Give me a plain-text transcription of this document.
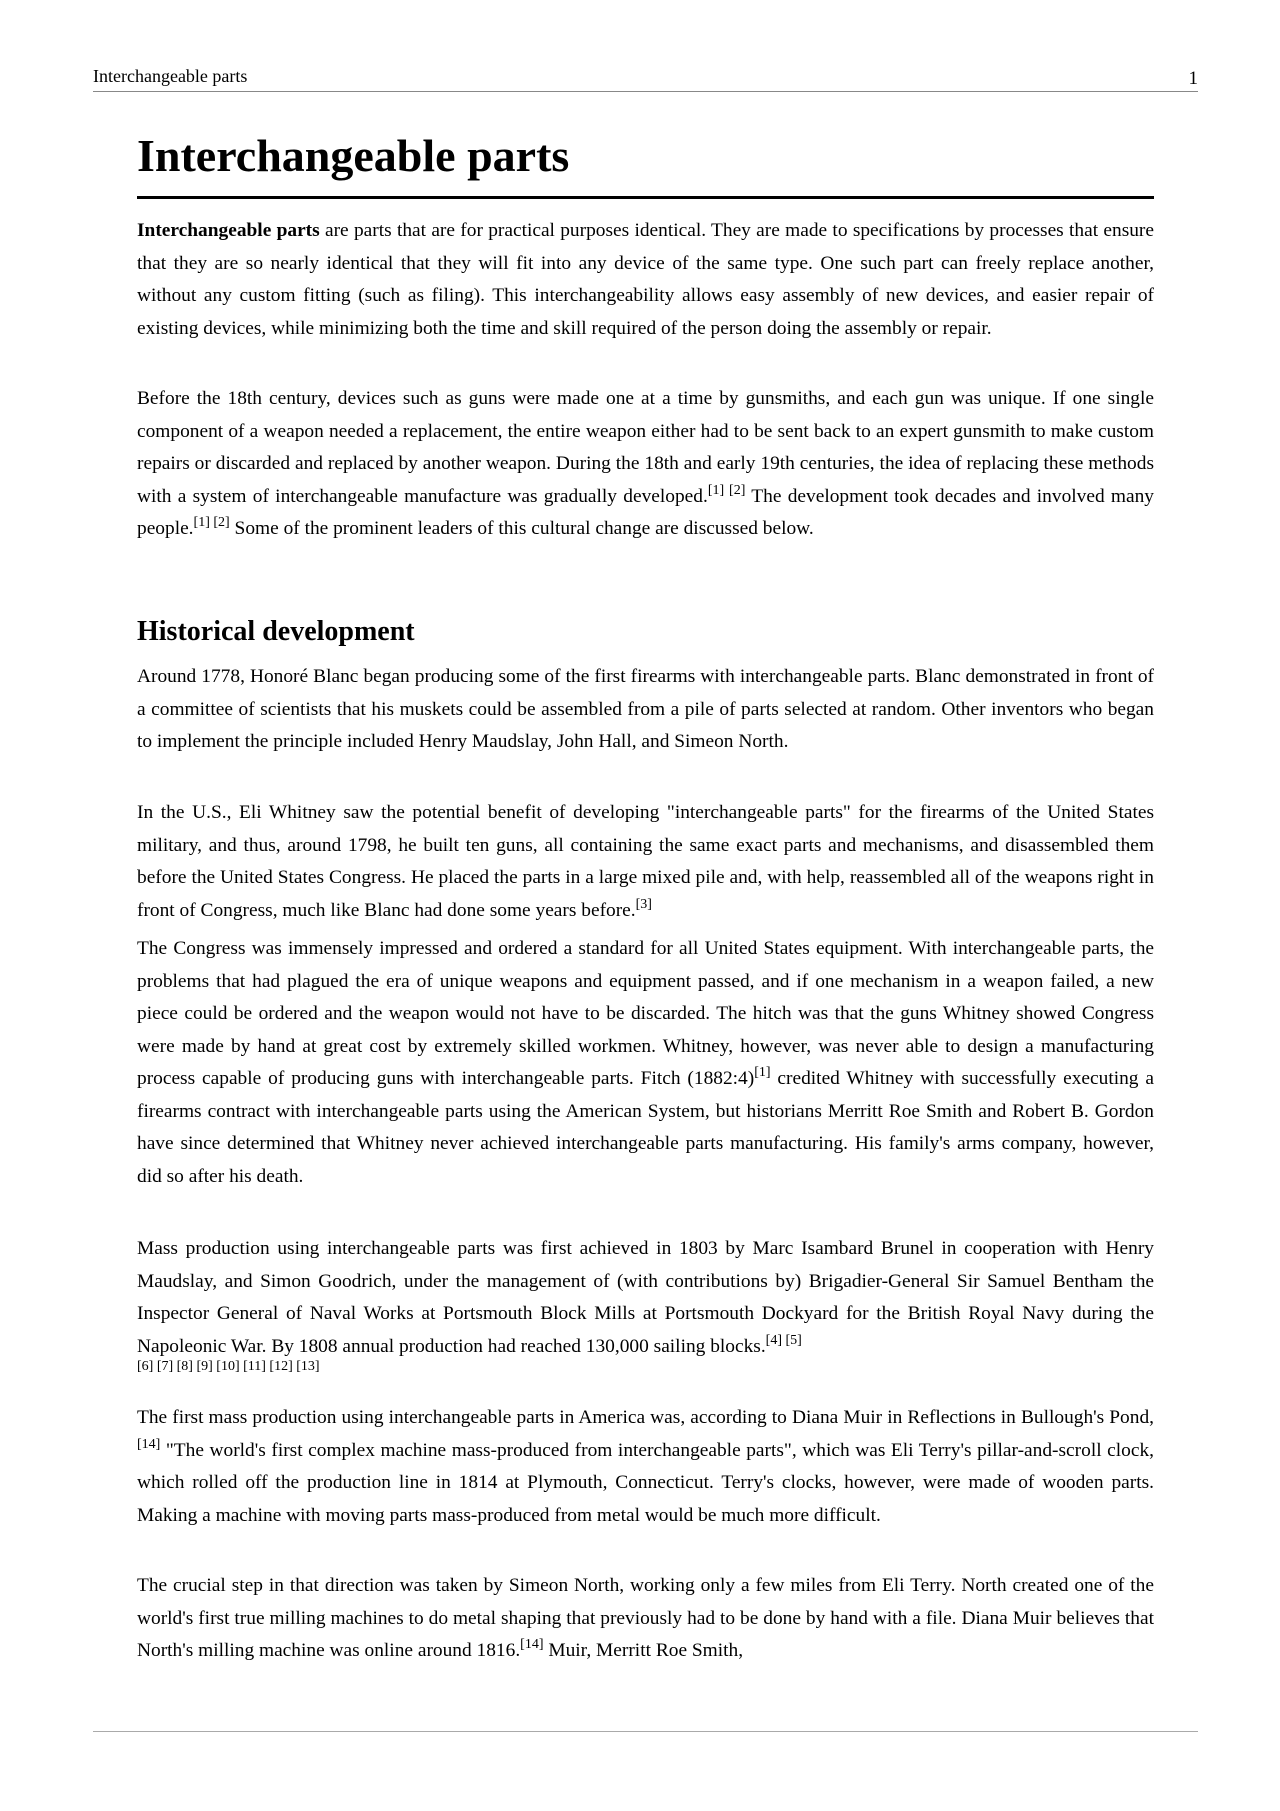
Interchangeable parts	1
Interchangeable parts

Interchangeable parts are parts that are for practical purposes identical. They are made to specifications by processes that ensure that they are so nearly identical that they will fit into any device of the same type. One such part can freely replace another, without any custom fitting (such as filing). This interchangeability allows easy assembly of new devices, and easier repair of existing devices, while minimizing both the time and skill required of the person doing the assembly or repair.

Before the 18th century, devices such as guns were made one at a time by gunsmiths, and each gun was unique. If one single component of a weapon needed a replacement, the entire weapon either had to be sent back to an expert gunsmith to make custom repairs or discarded and replaced by another weapon. During the 18th and early 19th centuries, the idea of replacing these methods with a system of interchangeable manufacture was gradually developed.[1] [2] The development took decades and involved many people.[1] [2] Some of the prominent leaders of this cultural change are discussed below.

Historical development

Around 1778, Honoré Blanc began producing some of the first firearms with interchangeable parts. Blanc demonstrated in front of a committee of scientists that his muskets could be assembled from a pile of parts selected at random. Other inventors who began to implement the principle included Henry Maudslay, John Hall, and Simeon North.

In the U.S., Eli Whitney saw the potential benefit of developing "interchangeable parts" for the firearms of the United States military, and thus, around 1798, he built ten guns, all containing the same exact parts and mechanisms, and disassembled them before the United States Congress. He placed the parts in a large mixed pile and, with help, reassembled all of the weapons right in front of Congress, much like Blanc had done some years before.[3]

The Congress was immensely impressed and ordered a standard for all United States equipment. With interchangeable parts, the problems that had plagued the era of unique weapons and equipment passed, and if one mechanism in a weapon failed, a new piece could be ordered and the weapon would not have to be discarded. The hitch was that the guns Whitney showed Congress were made by hand at great cost by extremely skilled workmen. Whitney, however, was never able to design a manufacturing process capable of producing guns with interchangeable parts. Fitch (1882:4)[1] credited Whitney with successfully executing a firearms contract with interchangeable parts using the American System, but historians Merritt Roe Smith and Robert B. Gordon have since determined that Whitney never achieved interchangeable parts manufacturing. His family's arms company, however, did so after his death.

Mass production using interchangeable parts was first achieved in 1803 by Marc Isambard Brunel in cooperation with Henry Maudslay, and Simon Goodrich, under the management of (with contributions by) Brigadier-General Sir Samuel Bentham the Inspector General of Naval Works at Portsmouth Block Mills at Portsmouth Dockyard for the British Royal Navy during the Napoleonic War. By 1808 annual production had reached 130,000 sailing blocks.[4] [5]

[6] [7] [8] [9] [10] [11] [12] [13]

The first mass production using interchangeable parts in America was, according to Diana Muir in Reflections in Bullough's Pond,[14] "The world's first complex machine mass-produced from interchangeable parts", which was Eli Terry's pillar-and-scroll clock, which rolled off the production line in 1814 at Plymouth, Connecticut. Terry's clocks, however, were made of wooden parts. Making a machine with moving parts mass-produced from metal would be much more difficult.

The crucial step in that direction was taken by Simeon North, working only a few miles from Eli Terry. North created one of the world's first true milling machines to do metal shaping that previously had to be done by hand with a file. Diana Muir believes that North's milling machine was online around 1816.[14] Muir, Merritt Roe Smith,
